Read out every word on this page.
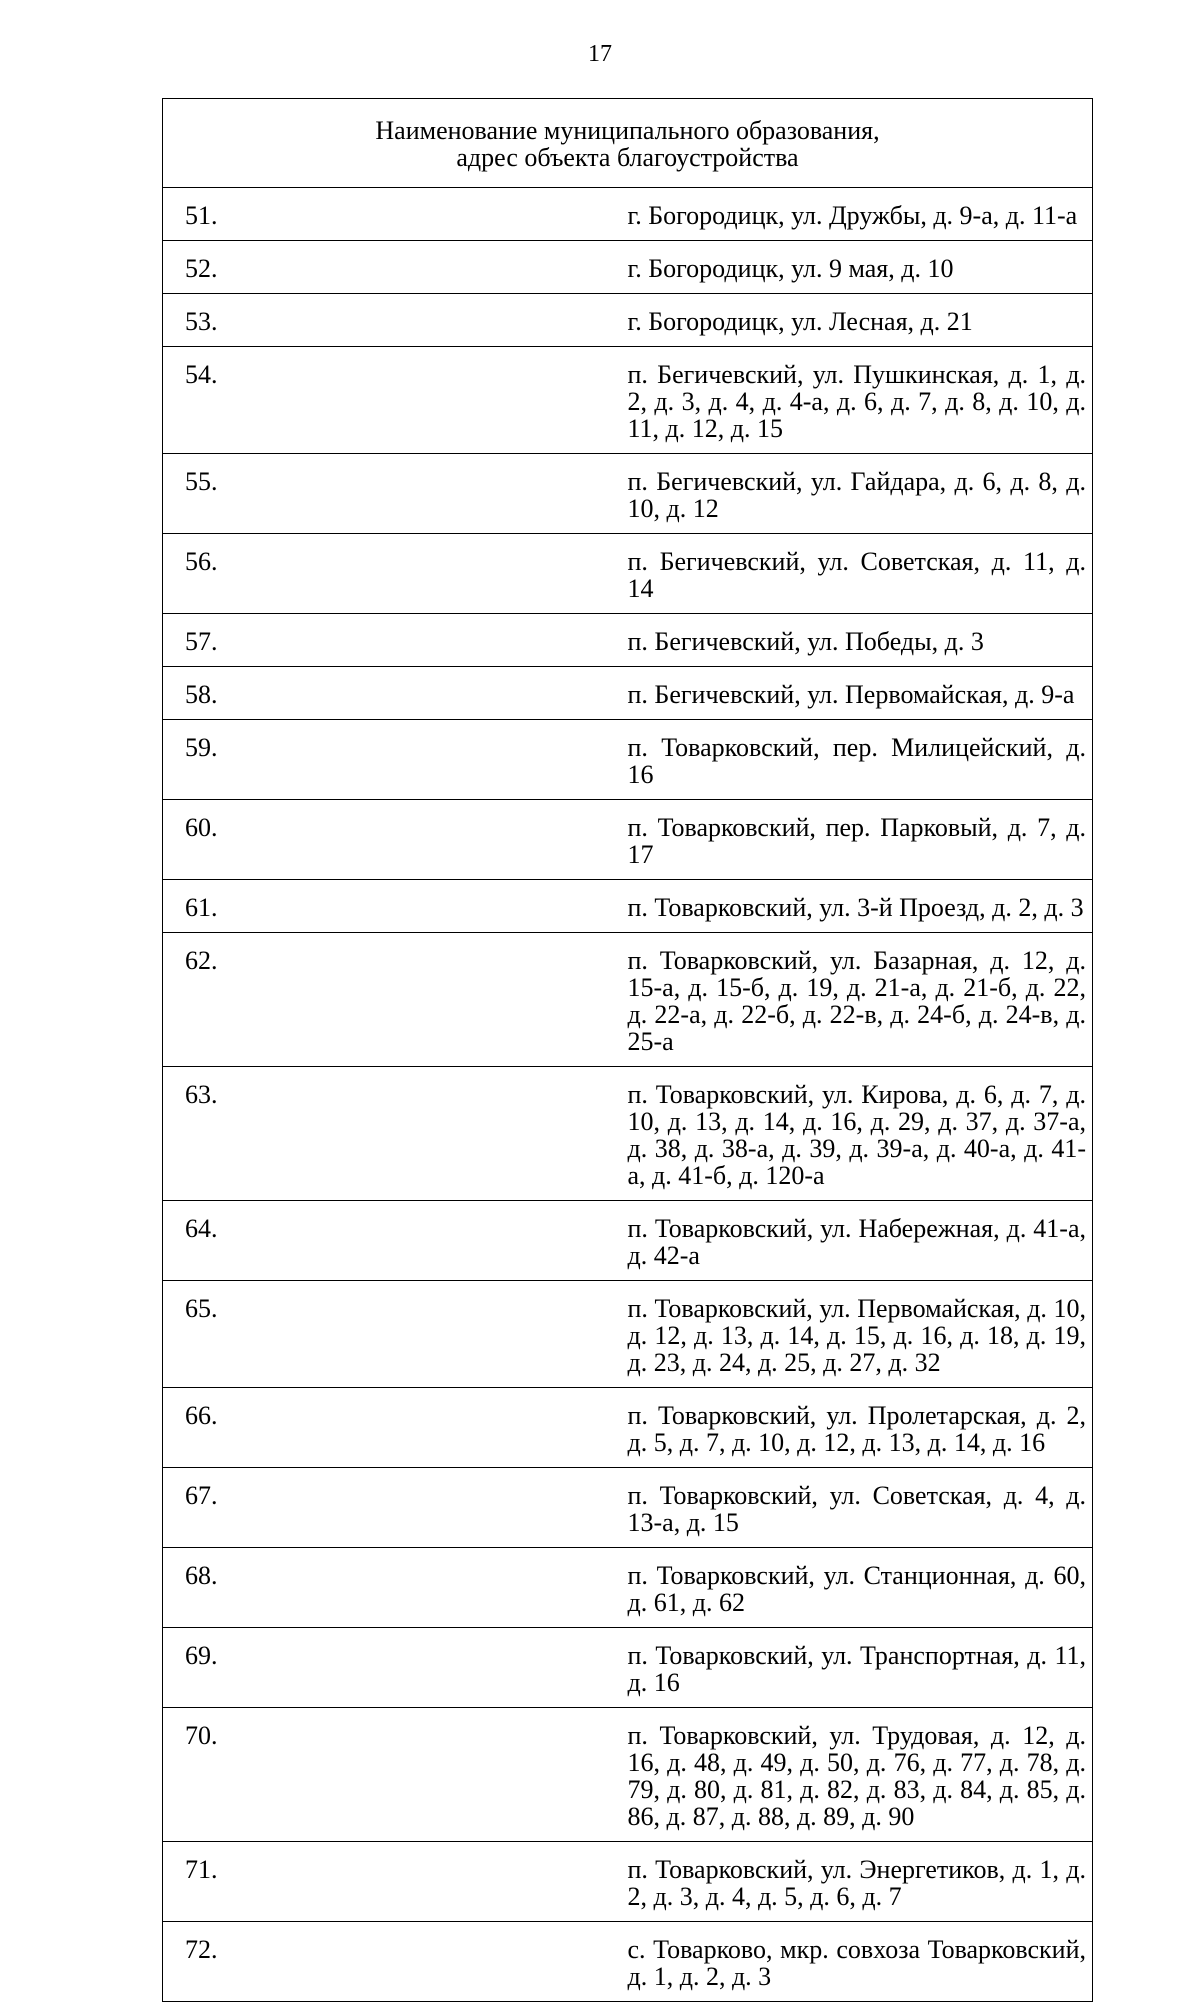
17
Наименование муниципального образования,
адрес объекта благоустройства	

51.	г. Богородицк, ул. Дружбы, д. 9-а, д. 11-а
52.	г. Богородицк, ул. 9 мая, д. 10
53.	г. Богородицк, ул. Лесная, д. 21
54.	п. Бегичевский, ул. Пушкинская, д. 1, д. 2, д. 3, д. 4, д. 4-а, д. 6, д. 7, д. 8, д. 10, д. 11, д. 12, д. 15
55.	п. Бегичевский, ул. Гайдара, д. 6, д. 8, д. 10, д. 12
56.	п. Бегичевский, ул. Советская, д. 11, д. 14
57.	п. Бегичевский, ул. Победы, д. 3
58.	п. Бегичевский, ул. Первомайская, д. 9-а
59.	п. Товарковский, пер. Милицейский, д. 16
60.	п. Товарковский, пер. Парковый, д. 7, д. 17
61.	п. Товарковский, ул. 3-й Проезд, д. 2, д. 3
62.	п. Товарковский, ул. Базарная, д. 12, д. 15-а, д. 15-б, д. 19, д. 21-а, д. 21-б, д. 22, д. 22-а, д. 22-б, д. 22-в, д. 24-б, д. 24-в, д. 25-а
63.	п. Товарковский, ул. Кирова, д. 6, д. 7, д. 10, д. 13, д. 14, д. 16, д. 29, д. 37, д. 37-а, д. 38, д. 38-а, д. 39, д. 39-а, д. 40-а, д. 41-а, д. 41-б, д. 120-а
64.	п. Товарковский, ул. Набережная, д. 41-а, д. 42-а
65.	п. Товарковский, ул. Первомайская, д. 10, д. 12, д. 13, д. 14, д. 15, д. 16, д. 18, д. 19, д. 23, д. 24, д. 25, д. 27, д. 32
66.	п. Товарковский, ул. Пролетарская, д. 2, д. 5, д. 7, д. 10, д. 12, д. 13, д. 14, д. 16
67.	п. Товарковский, ул. Советская, д. 4, д. 13-а, д. 15
68.	п. Товарковский, ул. Станционная, д. 60, д. 61, д. 62
69.	п. Товарковский, ул. Транспортная, д. 11, д. 16
70.	п. Товарковский, ул. Трудовая, д. 12, д. 16, д. 48, д. 49, д. 50, д. 76, д. 77, д. 78, д. 79, д. 80, д. 81, д. 82, д. 83, д. 84, д. 85, д. 86, д. 87, д. 88, д. 89, д. 90
71.	п. Товарковский, ул. Энергетиков, д. 1, д. 2, д. 3, д. 4, д. 5, д. 6, д. 7
72.	с. Товарково, мкр. совхоза Товарковский, д. 1, д. 2, д. 3
